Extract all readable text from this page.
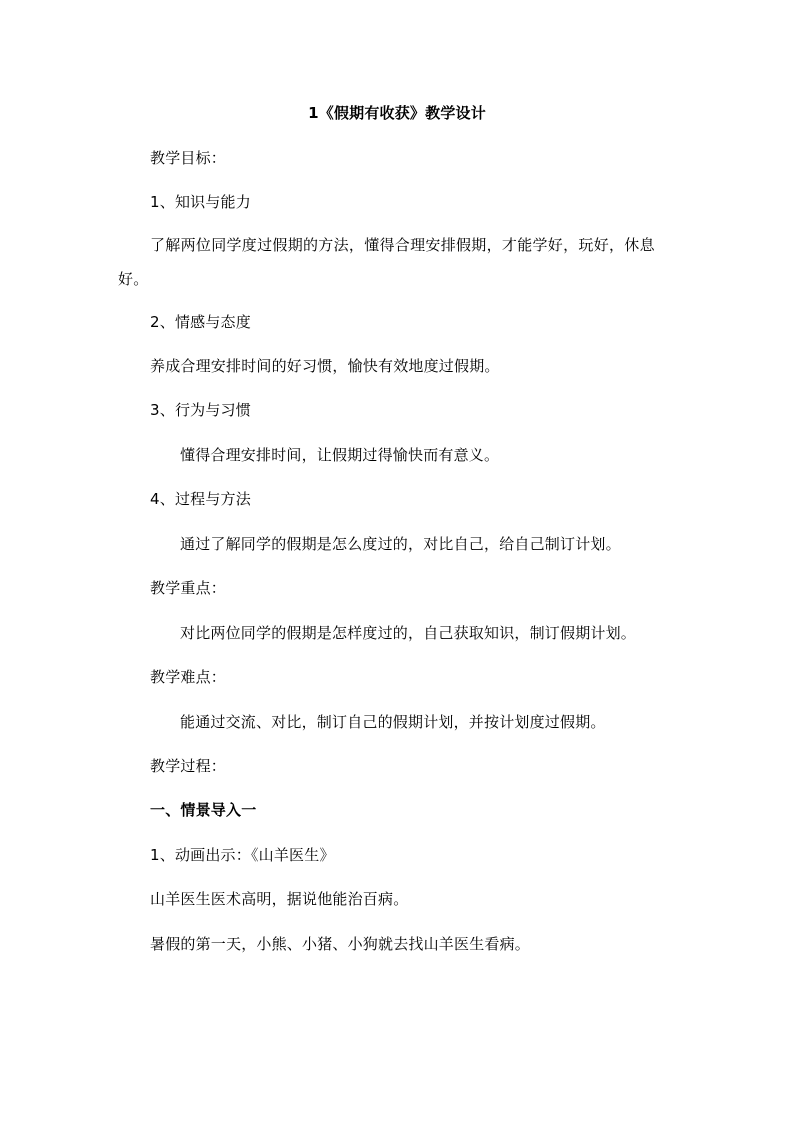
1《假期有收获》教学设计
教学目标：
1、知识与能力
了解两位同学度过假期的方法，懂得合理安排假期，才能学好，玩好，休息好。
2、情感与态度
养成合理安排时间的好习惯，愉快有效地度过假期。
3、行为与习惯
懂得合理安排时间，让假期过得愉快而有意义。
4、过程与方法
通过了解同学的假期是怎么度过的，对比自己，给自己制订计划。
教学重点：
对比两位同学的假期是怎样度过的，自己获取知识，制订假期计划。
教学难点：
能通过交流、对比，制订自己的假期计划，并按计划度过假期。
教学过程：
一、情景导入一
1、动画出示：《山羊医生》
山羊医生医术高明，据说他能治百病。
暑假的第一天，小熊、小猪、小狗就去找山羊医生看病。
